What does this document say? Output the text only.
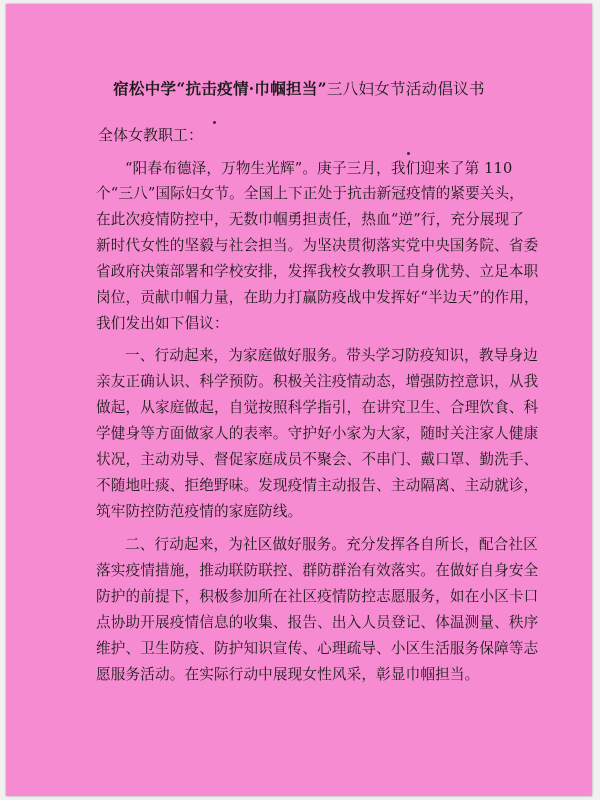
宿松中学“抗击疫情·巾帼担当”三八妇女节活动倡议书
全体女教职工：
“阳春布德泽，万物生光辉”。庚子三月，我们迎来了第 110
个“三八”国际妇女节。全国上下正处于抗击新冠疫情的紧要关头，
在此次疫情防控中，无数巾帼勇担责任，热血“逆”行，充分展现了
新时代女性的坚毅与社会担当。为坚决贯彻落实党中央国务院、省委
省政府决策部署和学校安排，发挥我校女教职工自身优势、立足本职
岗位，贡献巾帼力量，在助力打赢防疫战中发挥好“半边天”的作用，
我们发出如下倡议：
一、行动起来，为家庭做好服务。带头学习防疫知识，教导身边
亲友正确认识、科学预防。积极关注疫情动态，增强防控意识，从我
做起，从家庭做起，自觉按照科学指引，在讲究卫生、合理饮食、科
学健身等方面做家人的表率。守护好小家为大家，随时关注家人健康
状况，主动劝导、督促家庭成员不聚会、不串门、戴口罩、勤洗手、
不随地吐痰、拒绝野味。发现疫情主动报告、主动隔离、主动就诊，
筑牢防控防范疫情的家庭防线。
二、行动起来，为社区做好服务。充分发挥各自所长，配合社区
落实疫情措施，推动联防联控、群防群治有效落实。在做好自身安全
防护的前提下，积极参加所在社区疫情防控志愿服务，如在小区卡口
点协助开展疫情信息的收集、报告、出入人员登记、体温测量、秩序
维护、卫生防疫、防护知识宣传、心理疏导、小区生活服务保障等志
愿服务活动。在实际行动中展现女性风采，彰显巾帼担当。
